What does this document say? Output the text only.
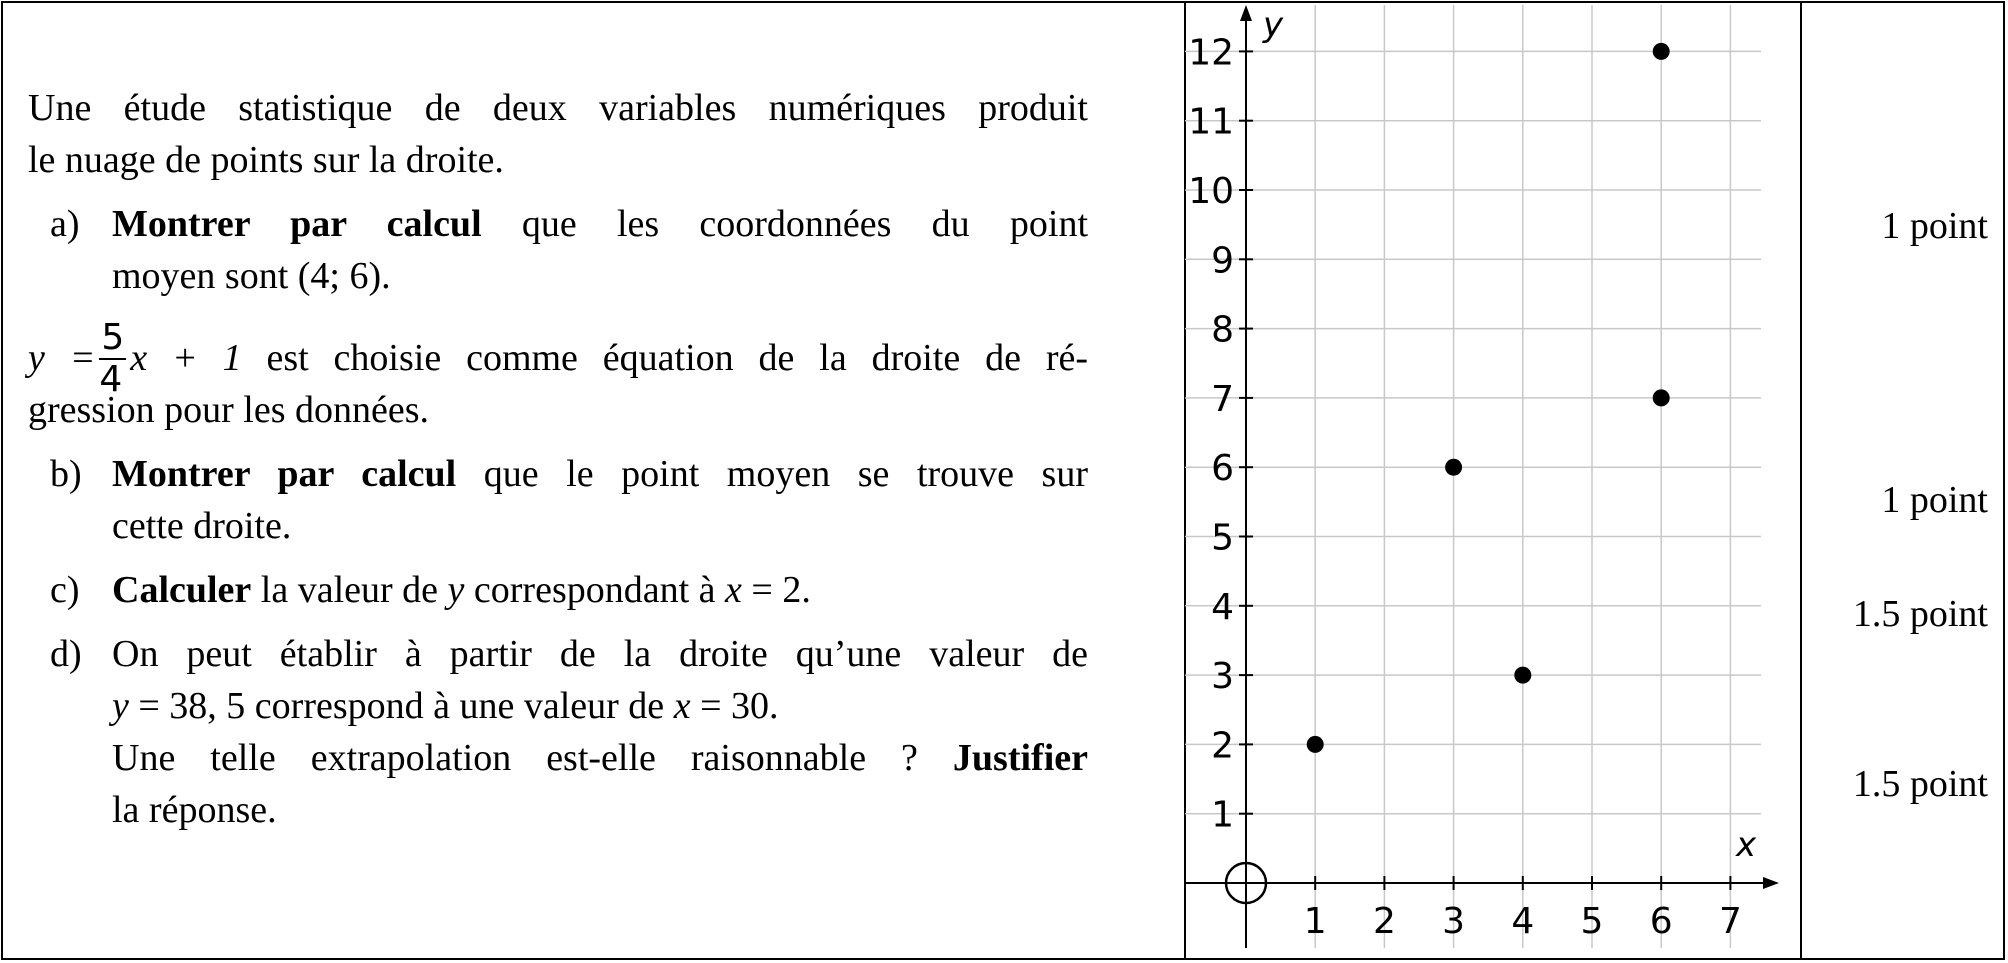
Une étude statistique de deux variables numériques produit

le nuage de points sur la droite.

a) Montrer par calcul que les coordonnées du point

moyen sont (4; 6).

$y = \frac{5}{4}$ x + 1 est choisie comme équation de la droite de ré-

gression pour les données.

b) Montrer par calcul que le point moyen se trouve sur

cette droite.

c) Calculer la valeur de y correspondant à x = 2.

d) On peut établir à partir de la droite qu’une valeur de

y = 38, 5 correspond à une valeur de x = 30.

Une telle extrapolation est-elle raisonnable ? Justifier

la réponse.

1 point
1 point
1.5 point
1.5 point
1 2 3 4 5 6 7
1
2
3
4
5
6
7
8
9
10
11
12
x
y
